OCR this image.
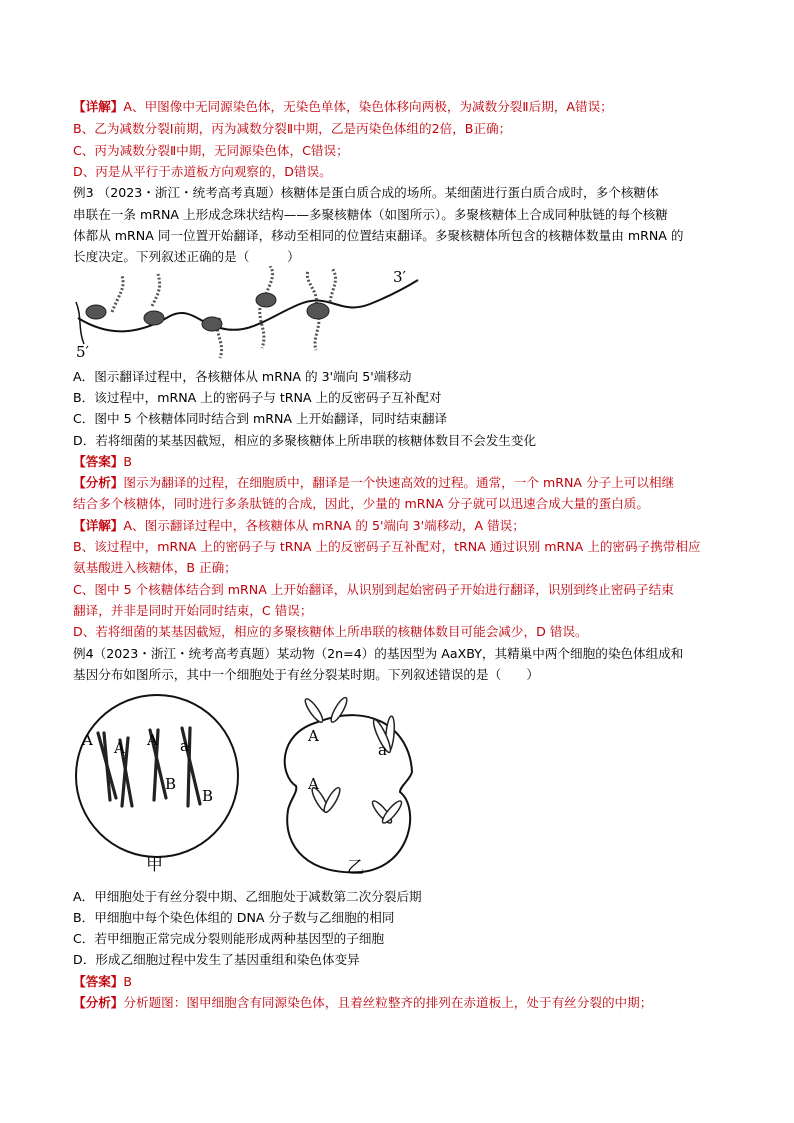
【详解】A、甲图像中无同源染色体，无染色单体，染色体移向两极，为减数分裂Ⅱ后期，A错误；
B、乙为减数分裂Ⅰ前期，丙为减数分裂Ⅱ中期，乙是丙染色体组的2倍，B正确；
C、丙为减数分裂Ⅱ中期，无同源染色体，C错误；
D、丙是从平行于赤道板方向观察的，D错误。
例3 （2023・浙江・统考高考真题）核糖体是蛋白质合成的场所。某细菌进行蛋白质合成时，多个核糖体
串联在一条 mRNA 上形成念珠状结构——多聚核糖体（如图所示）。多聚核糖体上合成同种肽链的每个核糖
体都从 mRNA 同一位置开始翻译，移动至相同的位置结束翻译。多聚核糖体所包含的核糖体数量由 mRNA 的
长度决定。下列叙述正确的是（　　　）
3′
5′
A．图示翻译过程中，各核糖体从 mRNA 的 3'端向 5'端移动
B．该过程中，mRNA 上的密码子与 tRNA 上的反密码子互补配对
C．图中 5 个核糖体同时结合到 mRNA 上开始翻译，同时结束翻译
D．若将细菌的某基因截短，相应的多聚核糖体上所串联的核糖体数目不会发生变化
【答案】B
【分析】图示为翻译的过程，在细胞质中，翻译是一个快速高效的过程。通常，一个 mRNA 分子上可以相继
结合多个核糖体，同时进行多条肽链的合成，因此，少量的 mRNA 分子就可以迅速合成大量的蛋白质。
【详解】A、图示翻译过程中，各核糖体从 mRNA 的 5'端向 3'端移动，A 错误；
B、该过程中，mRNA 上的密码子与 tRNA 上的反密码子互补配对，tRNA 通过识别 mRNA 上的密码子携带相应
氨基酸进入核糖体，B 正确；
C、图中 5 个核糖体结合到 mRNA 上开始翻译，从识别到起始密码子开始进行翻译，识别到终止密码子结束
翻译，并非是同时开始同时结束，C 错误；
D、若将细菌的某基因截短，相应的多聚核糖体上所串联的核糖体数目可能会减少，D 错误。
例4（2023・浙江・统考高考真题）某动物（2n=4）的基因型为 AaXBY，其精巢中两个细胞的染色体组成和
基因分布如图所示，其中一个细胞处于有丝分裂某时期。下列叙述错误的是（　　）
A A A a
B
B
A
a
A
甲	乙
A．甲细胞处于有丝分裂中期、乙细胞处于减数第二次分裂后期
B．甲细胞中每个染色体组的 DNA 分子数与乙细胞的相同
C．若甲细胞正常完成分裂则能形成两种基因型的子细胞
D．形成乙细胞过程中发生了基因重组和染色体变异
【答案】B
【分析】分析题图：图甲细胞含有同源染色体，且着丝粒整齐的排列在赤道板上，处于有丝分裂的中期；
